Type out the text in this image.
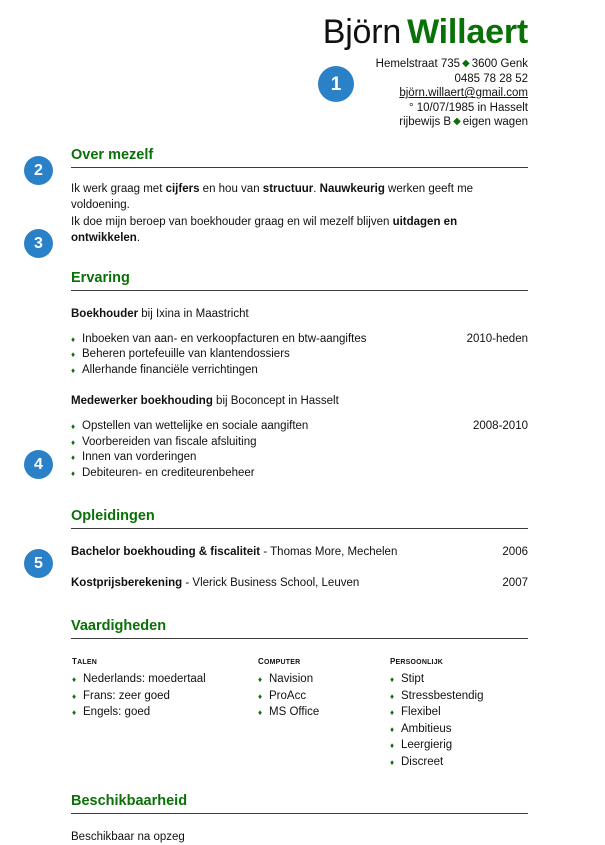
Björn Willaert
Hemelstraat 735 ◆ 3600 Genk
0485 78 28 52
björn.willaert@gmail.com
° 10/07/1985 in Hasselt
rijbewijs B ◆ eigen wagen
1
2
Over mezelf
Ik werk graag met cijfers en hou van structuur. Nauwkeurig werken geeft me voldoening.
Ik doe mijn beroep van boekhouder graag en wil mezelf blijven uitdagen en ontwikkelen.
3
Ervaring
Boekhouder bij Ixina in Maastricht
2010-heden
♦ Inboeken van aan- en verkoopfacturen en btw-aangiftes
♦ Beheren portefeuille van klantendossiers
♦ Allerhande financiële verrichtingen
Medewerker boekhouding bij Boconcept in Hasselt
2008-2010
♦ Opstellen van wettelijke en sociale aangiften
♦ Voorbereiden van fiscale afsluiting
♦ Innen van vorderingen
♦ Debiteuren- en crediteurenbeheer
4
Opleidingen
Bachelor boekhouding & fiscaliteit - Thomas More, Mechelen	2006
Kostprijsberekening - Vlerick Business School, Leuven	2007
5
Vaardigheden
talen
♦ Nederlands: moedertaal
♦ Frans: zeer goed
♦ Engels: goed
computer
♦ Navision
♦ ProAcc
♦ MS Office
persoonlijk
♦ Stipt
♦ Stressbestendig
♦ Flexibel
♦ Ambitieus
♦ Leergierig
♦ Discreet
Beschikbaarheid
Beschikbaar na opzeg
